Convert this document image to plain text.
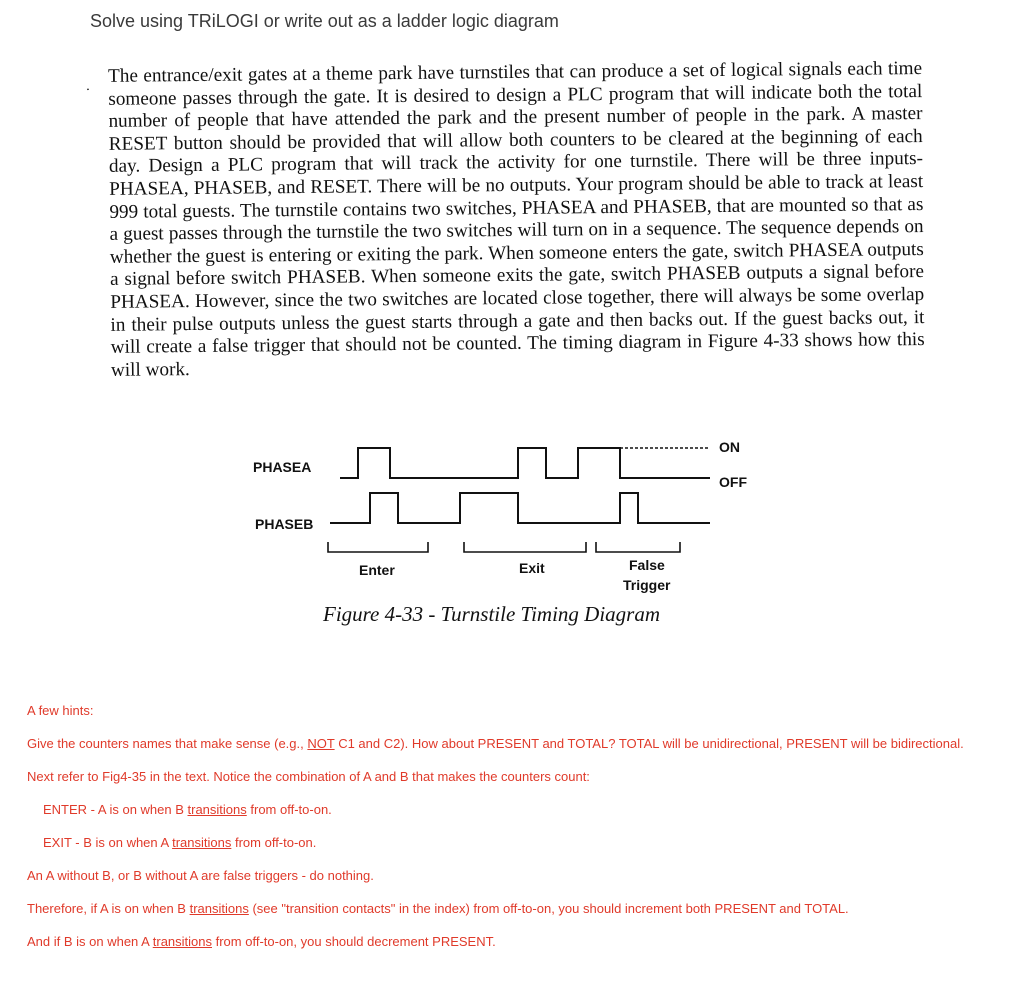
Solve using TRiLOGI or write out as a ladder logic diagram
. The entrance/exit gates at a theme park have turnstiles that can produce a set of logical signals each time someone passes through the gate. It is desired to design a PLC program that will indicate both the total number of people that have attended the park and the present number of people in the park. A master RESET button should be provided that will allow both counters to be cleared at the beginning of each day. Design a PLC program that will track the activity for one turnstile. There will be three inputs-PHASEA, PHASEB, and RESET. There will be no outputs. Your program should be able to track at least 999 total guests. The turnstile contains two switches, PHASEA and PHASEB, that are mounted so that as a guest passes through the turnstile the two switches will turn on in a sequence. The sequence depends on whether the guest is entering or exiting the park. When someone enters the gate, switch PHASEA outputs a signal before switch PHASEB. When someone exits the gate, switch PHASEB outputs a signal before PHASEA. However, since the two switches are located close together, there will always be some overlap in their pulse outputs unless the guest starts through a gate and then backs out. If the guest backs out, it will create a false trigger that should not be counted. The timing diagram in Figure 4-33 shows how this will work.
PHASEA
PHASEB
ON
OFF
Enter	Exit	False
Trigger
Figure 4-33 - Turnstile Timing Diagram

A few hints:

Give the counters names that make sense (e.g., NOT C1 and C2). How about PRESENT and TOTAL? TOTAL will be unidirectional, PRESENT will be bidirectional.

Next refer to Fig4-35 in the text. Notice the combination of A and B that makes the counters count:

ENTER - A is on when B transitions from off-to-on.

EXIT - B is on when A transitions from off-to-on.

An A without B, or B without A are false triggers - do nothing.

Therefore, if A is on when B transitions (see "transition contacts" in the index) from off-to-on, you should increment both PRESENT and TOTAL.

And if B is on when A transitions from off-to-on, you should decrement PRESENT.
